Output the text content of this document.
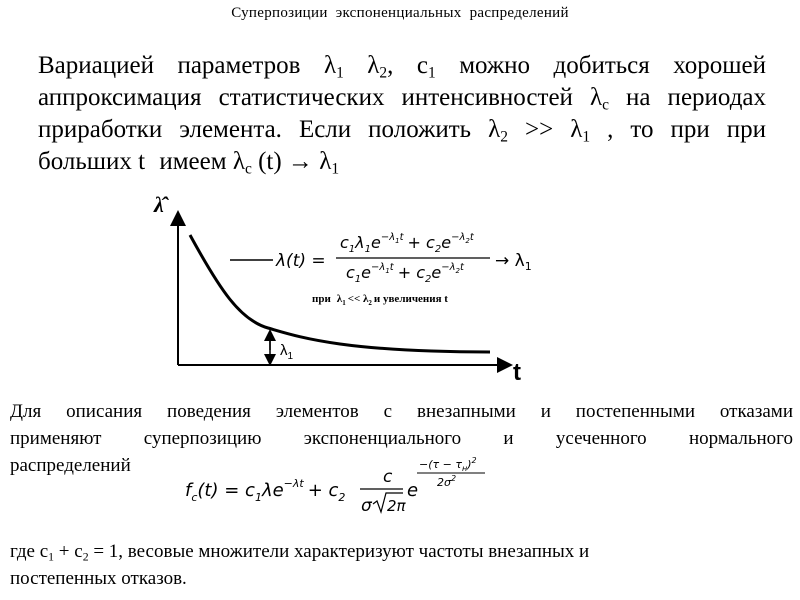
Суперпозиции экспоненциальных распределений
Вариацией параметров $\lambda_1$ $\lambda_2$, $c_1$ можно добиться хорошей
аппроксимация статистических интенсивностей $\lambda_c$ на периодах
приработки элемента. Если положить $\lambda_2 >> \lambda_1$ , то при при
больших t имеем $\lambda_c$ $(t) \to \lambda_1$
λ̂
t
$\lambda_1$
λ(t) =
$c_1\lambda_1e^{-\lambda}1t + c_2e^{-\lambda}2t$
$c_1e^{-\lambda}1t + c_2e^{-\lambda}2t \to \lambda_1$
при $\lambda_1 << \lambda_2$ и увеличения t
Для описания поведения элементов с внезапными и постепенными отказами
применяют суперпозицию экспоненциального и усеченного нормального
распределений
$f_c(t) = c_1\lambda e^{-\lambda t} + c_2$
c
σ 2π
e
$-(\tau - \tau_н)^2$
$2\sigma^2$
где $c_1 + c_2 = 1$, весовые множители характеризуют частоты внезапных и
постепенных отказов.
